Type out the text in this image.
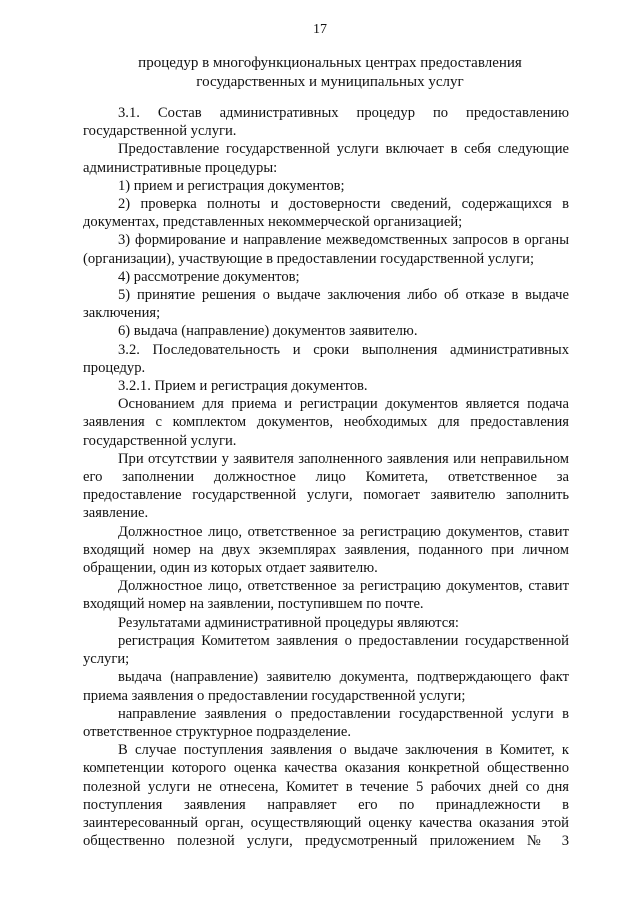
17
процедур в многофункциональных центрах предоставления
государственных и муниципальных услуг

3.1. Состав административных процедур по предоставлению государственной услуги.

Предоставление государственной услуги включает в себя следующие административные процедуры:

1) прием и регистрация документов;

2) проверка полноты и достоверности сведений, содержащихся в документах, представленных некоммерческой организацией;

3) формирование и направление межведомственных запросов в органы (организации), участвующие в предоставлении государственной услуги;

4) рассмотрение документов;

5) принятие решения о выдаче заключения либо об отказе в выдаче заключения;

6) выдача (направление) документов заявителю.

3.2. Последовательность и сроки выполнения административных процедур.

3.2.1. Прием и регистрация документов.

Основанием для приема и регистрации документов является подача заявления с комплектом документов, необходимых для предоставления государственной услуги.

При отсутствии у заявителя заполненного заявления или неправильном его заполнении должностное лицо Комитета, ответственное за предоставление государственной услуги, помогает заявителю заполнить заявление.

Должностное лицо, ответственное за регистрацию документов, ставит входящий номер на двух экземплярах заявления, поданного при личном обращении, один из которых отдает заявителю.

Должностное лицо, ответственное за регистрацию документов, ставит входящий номер на заявлении, поступившем по почте.

Результатами административной процедуры являются:

регистрация Комитетом заявления о предоставлении государственной услуги;

выдача (направление) заявителю документа, подтверждающего факт приема заявления о предоставлении государственной услуги;

направление заявления о предоставлении государственной услуги в ответственное структурное подразделение.

В случае поступления заявления о выдаче заключения в Комитет, к компетенции которого оценка качества оказания конкретной общественно полезной услуги не отнесена, Комитет в течение 5 рабочих дней со дня поступления заявления направляет его по принадлежности в заинтересованный орган, осуществляющий оценку качества оказания этой общественно полезной услуги, предусмотренный приложением № 3
